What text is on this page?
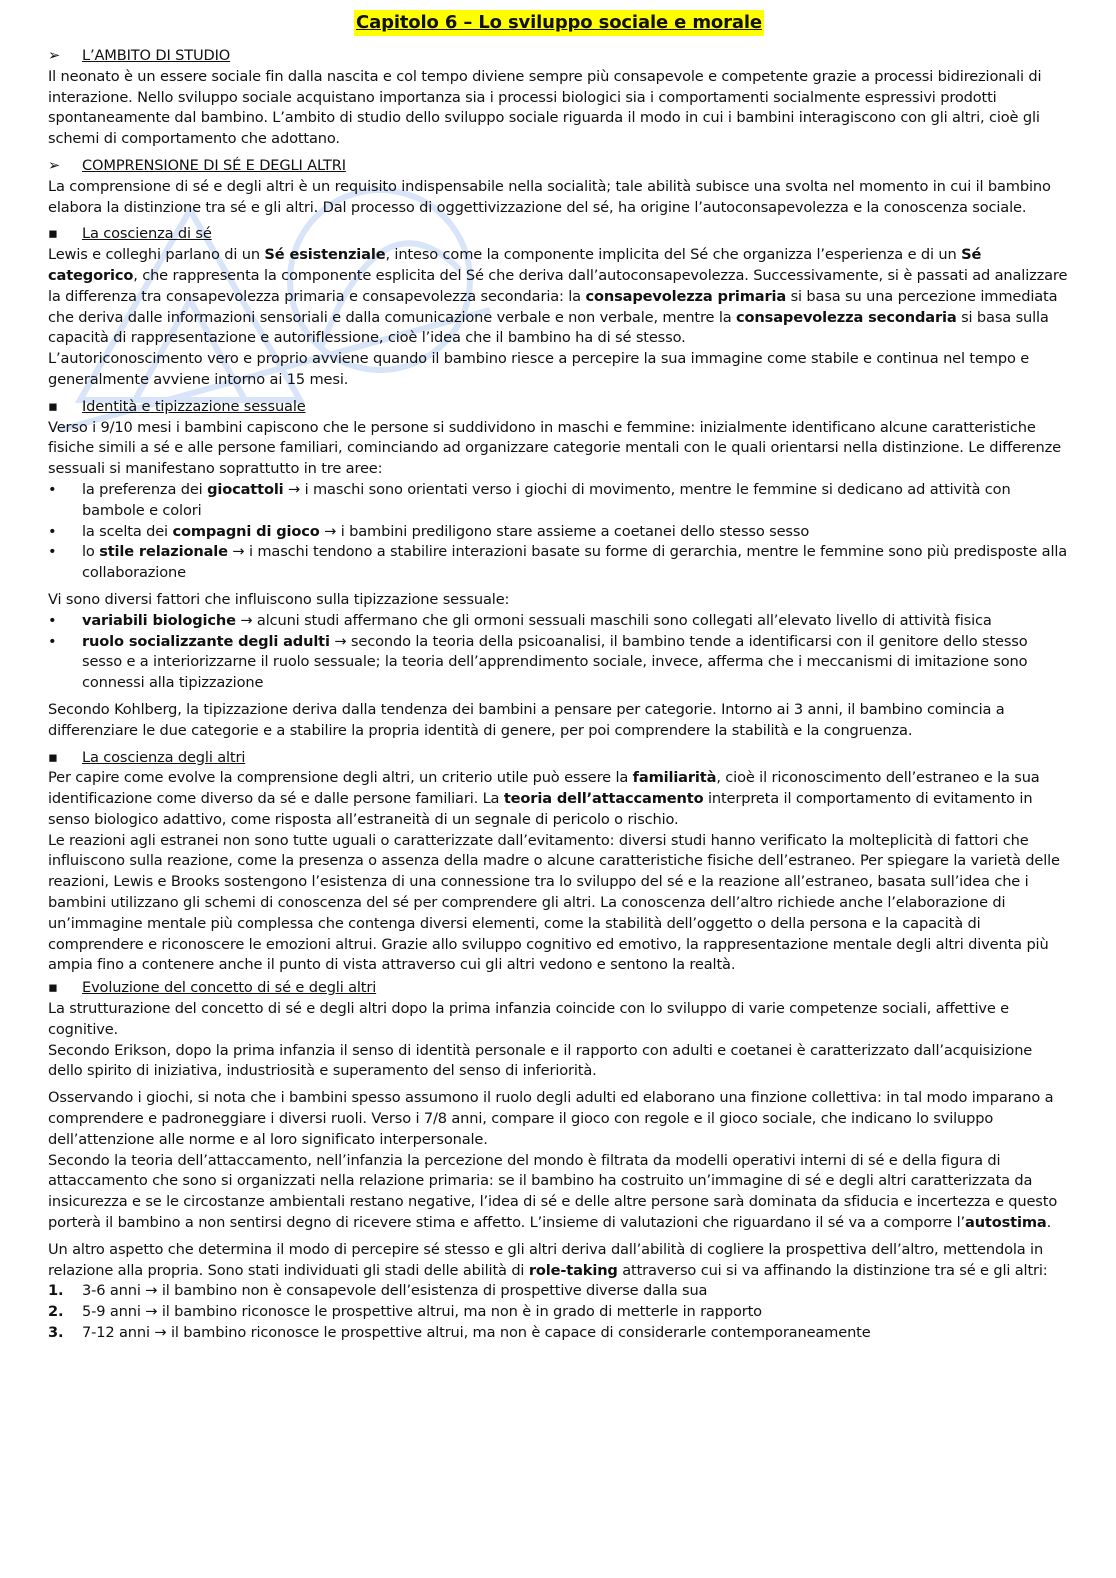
Capitolo 6 – Lo sviluppo sociale e morale
➢	L’AMBITO DI STUDIO

Il neonato è un essere sociale fin dalla nascita e col tempo diviene sempre più consapevole e competente grazie a processi bidirezionali di interazione. Nello sviluppo sociale acquistano importanza sia i processi biologici sia i comportamenti socialmente espressivi prodotti spontaneamente dal bambino. L’ambito di studio dello sviluppo sociale riguarda il modo in cui i bambini interagiscono con gli altri, cioè gli schemi di comportamento che adottano.

➢	COMPRENSIONE DI SÉ E DEGLI ALTRI

La comprensione di sé e degli altri è un requisito indispensabile nella socialità; tale abilità subisce una svolta nel momento in cui il bambino elabora la distinzione tra sé e gli altri. Dal processo di oggettivizzazione del sé, ha origine l’autoconsapevolezza e la conoscenza sociale.

▪	La coscienza di sé

Lewis e colleghi parlano di un Sé esistenziale, inteso come la componente implicita del Sé che organizza l’esperienza e di un Sé categorico, che rappresenta la componente esplicita del Sé che deriva dall’autoconsapevolezza. Successivamente, si è passati ad analizzare la differenza tra consapevolezza primaria e consapevolezza secondaria: la consapevolezza primaria si basa su una percezione immediata che deriva dalle informazioni sensoriali e dalla comunicazione verbale e non verbale, mentre la consapevolezza secondaria si basa sulla capacità di rappresentazione e autoriflessione, cioè l’idea che il bambino ha di sé stesso.

L’autoriconoscimento vero e proprio avviene quando il bambino riesce a percepire la sua immagine come stabile e continua nel tempo e generalmente avviene intorno ai 15 mesi.

▪	Identità e tipizzazione sessuale

Verso i 9/10 mesi i bambini capiscono che le persone si suddividono in maschi e femmine: inizialmente identificano alcune caratteristiche fisiche simili a sé e alle persone familiari, cominciando ad organizzare categorie mentali con le quali orientarsi nella distinzione. Le differenze sessuali si manifestano soprattutto in tre aree:

•	la preferenza dei giocattoli → i maschi sono orientati verso i giochi di movimento, mentre le femmine si dedicano ad attività con bambole e colori
•	la scelta dei compagni di gioco → i bambini prediligono stare assieme a coetanei dello stesso sesso
•	lo stile relazionale → i maschi tendono a stabilire interazioni basate su forme di gerarchia, mentre le femmine sono più predisposte alla collaborazione

Vi sono diversi fattori che influiscono sulla tipizzazione sessuale:

•	variabili biologiche → alcuni studi affermano che gli ormoni sessuali maschili sono collegati all’elevato livello di attività fisica
•	ruolo socializzante degli adulti → secondo la teoria della psicoanalisi, il bambino tende a identificarsi con il genitore dello stesso sesso e a interiorizzarne il ruolo sessuale; la teoria dell’apprendimento sociale, invece, afferma che i meccanismi di imitazione sono connessi alla tipizzazione

Secondo Kohlberg, la tipizzazione deriva dalla tendenza dei bambini a pensare per categorie. Intorno ai 3 anni, il bambino comincia a differenziare le due categorie e a stabilire la propria identità di genere, per poi comprendere la stabilità e la congruenza.

▪	La coscienza degli altri

Per capire come evolve la comprensione degli altri, un criterio utile può essere la familiarità, cioè il riconoscimento dell’estraneo e la sua identificazione come diverso da sé e dalle persone familiari. La teoria dell’attaccamento interpreta il comportamento di evitamento in senso biologico adattivo, come risposta all’estraneità di un segnale di pericolo o rischio.

Le reazioni agli estranei non sono tutte uguali o caratterizzate dall’evitamento: diversi studi hanno verificato la molteplicità di fattori che influiscono sulla reazione, come la presenza o assenza della madre o alcune caratteristiche fisiche dell’estraneo. Per spiegare la varietà delle reazioni, Lewis e Brooks sostengono l’esistenza di una connessione tra lo sviluppo del sé e la reazione all’estraneo, basata sull’idea che i bambini utilizzano gli schemi di conoscenza del sé per comprendere gli altri. La conoscenza dell’altro richiede anche l’elaborazione di un’immagine mentale più complessa che contenga diversi elementi, come la stabilità dell’oggetto o della persona e la capacità di comprendere e riconoscere le emozioni altrui. Grazie allo sviluppo cognitivo ed emotivo, la rappresentazione mentale degli altri diventa più ampia fino a contenere anche il punto di vista attraverso cui gli altri vedono e sentono la realtà.

▪	Evoluzione del concetto di sé e degli altri

La strutturazione del concetto di sé e degli altri dopo la prima infanzia coincide con lo sviluppo di varie competenze sociali, affettive e cognitive.

Secondo Erikson, dopo la prima infanzia il senso di identità personale e il rapporto con adulti e coetanei è caratterizzato dall’acquisizione dello spirito di iniziativa, industriosità e superamento del senso di inferiorità.

Osservando i giochi, si nota che i bambini spesso assumono il ruolo degli adulti ed elaborano una finzione collettiva: in tal modo imparano a comprendere e padroneggiare i diversi ruoli. Verso i 7/8 anni, compare il gioco con regole e il gioco sociale, che indicano lo sviluppo dell’attenzione alle norme e al loro significato interpersonale.

Secondo la teoria dell’attaccamento, nell’infanzia la percezione del mondo è filtrata da modelli operativi interni di sé e della figura di attaccamento che sono si organizzati nella relazione primaria: se il bambino ha costruito un’immagine di sé e degli altri caratterizzata da insicurezza e se le circostanze ambientali restano negative, l’idea di sé e delle altre persone sarà dominata da sfiducia e incertezza e questo porterà il bambino a non sentirsi degno di ricevere stima e affetto. L’insieme di valutazioni che riguardano il sé va a comporre l’autostima.

Un altro aspetto che determina il modo di percepire sé stesso e gli altri deriva dall’abilità di cogliere la prospettiva dell’altro, mettendola in relazione alla propria. Sono stati individuati gli stadi delle abilità di role-taking attraverso cui si va affinando la distinzione tra sé e gli altri:

1.	3-6 anni → il bambino non è consapevole dell’esistenza di prospettive diverse dalla sua
2.	5-9 anni → il bambino riconosce le prospettive altrui, ma non è in grado di metterle in rapporto
3.	7-12 anni → il bambino riconosce le prospettive altrui, ma non è capace di considerarle contemporaneamente
